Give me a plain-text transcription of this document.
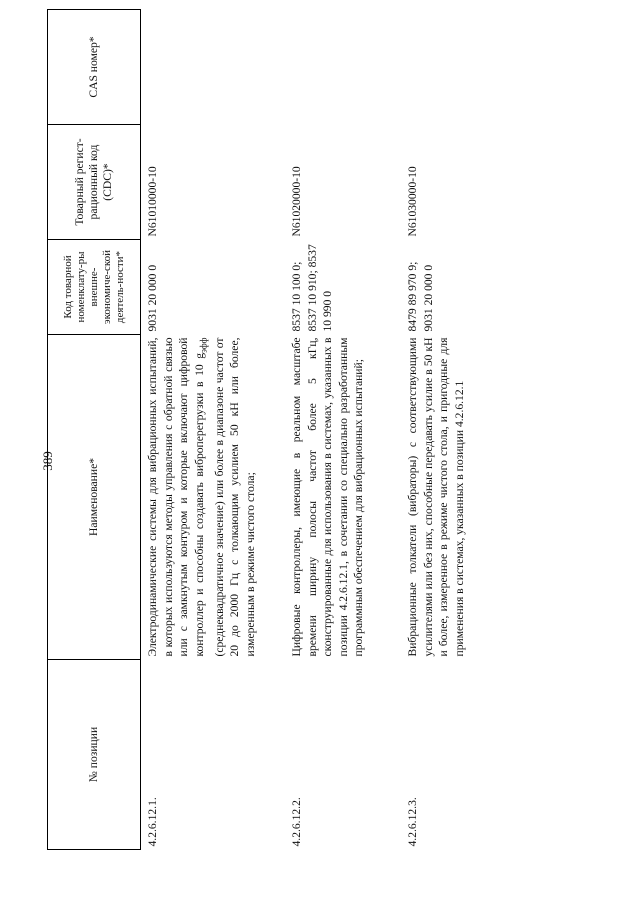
389
№ позиции	Наименование*	Код товарной номенклату-ры внешне-экономиче-ской деятель-ности*	Товарный регист-рационный код (CDC)*	CAS номер*
4.2.6.12.1.	Электродинамические системы для вибрационных испытаний, в которых используются методы управления с обратной связью или с замкнутым контуром и которые включают цифровой контроллер и способны создавать виброперегрузки в 10 $g_{эфф}$ (среднеквадратичное значение) или более в диапазоне частот от 20 до 2000 Гц с толкающим усилием 50 кН или более, измеренным в режиме чистого стола;	9031 20 000 0	N61010000-10	
4.2.6.12.2.	Цифровые контроллеры, имеющие в реальном масштабе времени ширину полосы частот более 5 кГц, сконструированные для использования в системах, указанных в позиции 4.2.6.12.1, в сочетании со специально разработанным программным обеспечением для вибрационных испытаний;	8537 10 100 0; 8537 10 910; 8537 10 990 0	N61020000-10	
4.2.6.12.3.	Вибрационные толкатели (вибраторы) с соответствующими усилителями или без них, способные передавать усилие в 50 кН и более, измеренное в режиме чистого стола, и пригодные для применения в системах, указанных в позиции 4.2.6.12.1	8479 89 970 9; 9031 20 000 0	N61030000-10	
